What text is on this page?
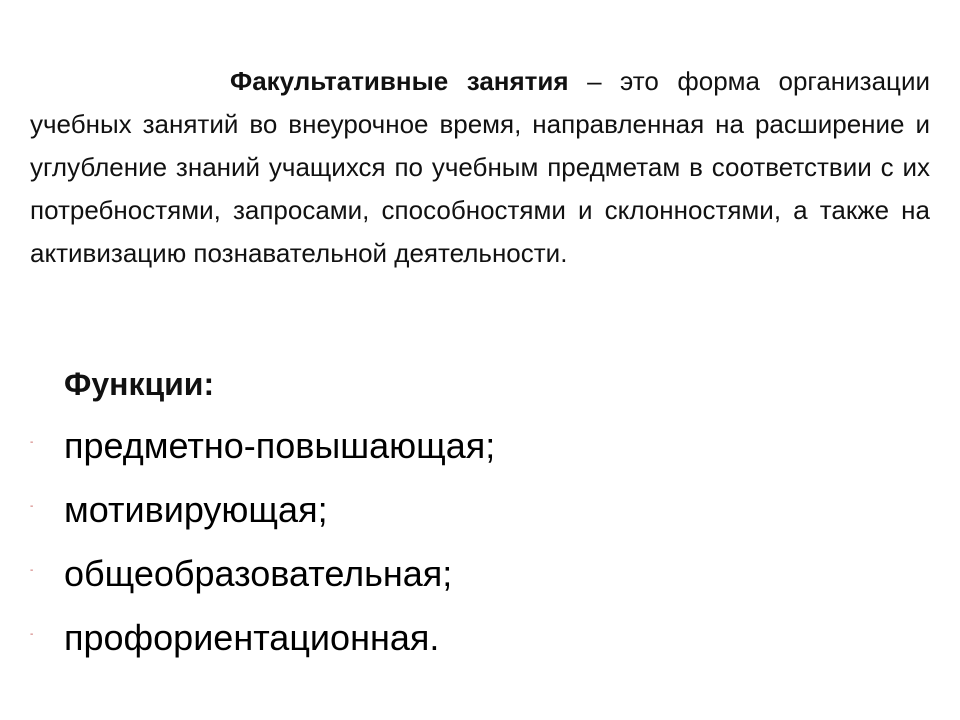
Факультативные занятия – это форма организации учебных занятий во внеурочное время, направленная на расширение и углубление знаний учащихся по учебным предметам в соответствии с их потребностями, запросами, способностями и склонностями, а также на активизацию познавательной деятельности.

Функции:
- предметно-повышающая;
- мотивирующая;
- общеобразовательная;
- профориентационная.
